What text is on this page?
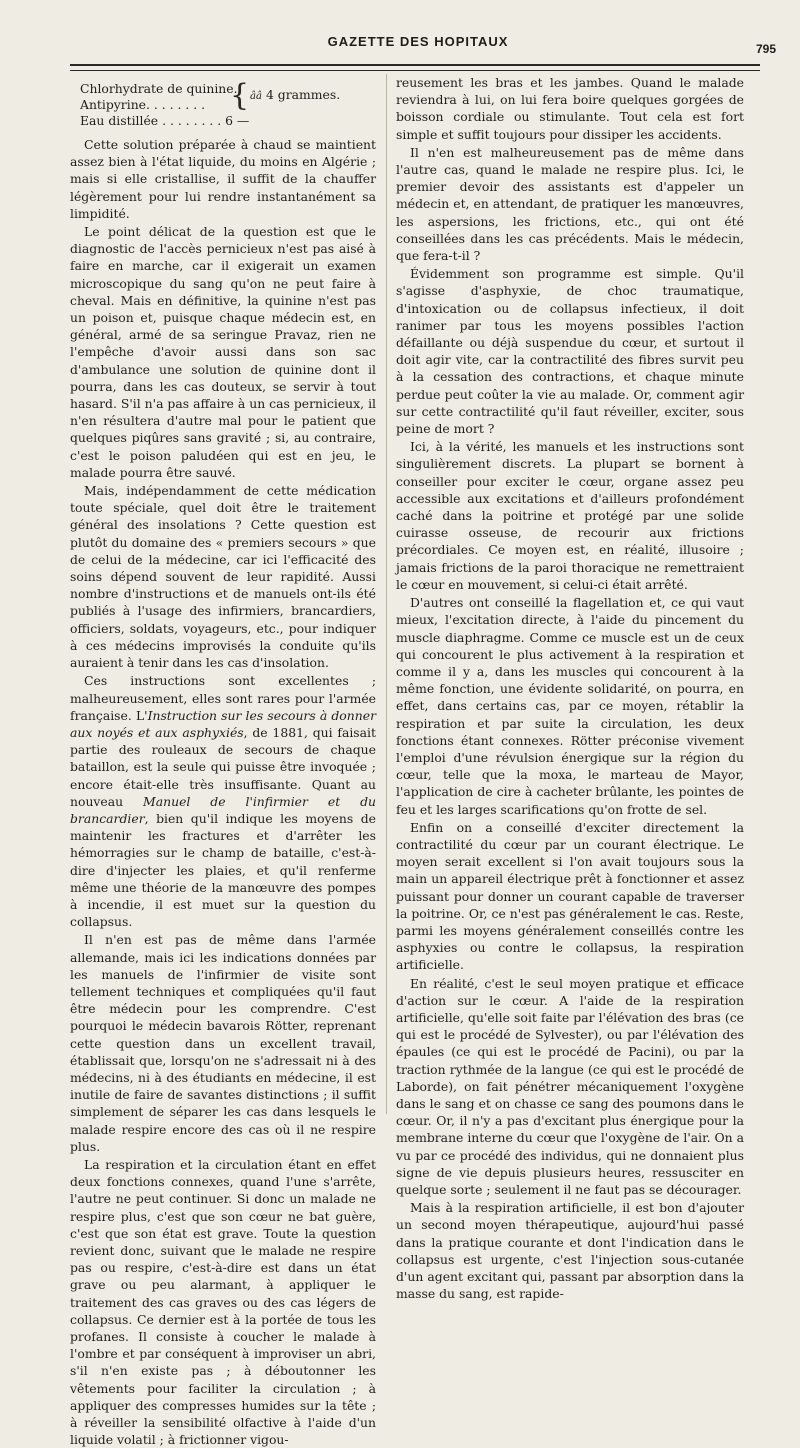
GAZETTE DES HOPITAUX	795
Chlorhydrate de quinine.
Antipyrine. . . . . . . .
Eau distillée . . . . . . . . 6 —
{ ââ 4 grammes.

Cette solution préparée à chaud se maintient assez bien à l'état liquide, du moins en Algérie ; mais si elle cristallise, il suffit de la chauffer légèrement pour lui rendre instantanément sa limpidité.

Le point délicat de la question est que le diagnostic de l'accès pernicieux n'est pas aisé à faire en marche, car il exigerait un examen microscopique du sang qu'on ne peut faire à cheval. Mais en définitive, la quinine n'est pas un poison et, puisque chaque médecin est, en général, armé de sa seringue Pravaz, rien ne l'empêche d'avoir aussi dans son sac d'ambulance une solution de quinine dont il pourra, dans les cas douteux, se servir à tout hasard. S'il n'a pas affaire à un cas pernicieux, il n'en résultera d'autre mal pour le patient que quelques piqûres sans gravité ; si, au contraire, c'est le poison paludéen qui est en jeu, le malade pourra être sauvé.

Mais, indépendamment de cette médication toute spéciale, quel doit être le traitement général des insolations ? Cette question est plutôt du domaine des « premiers secours » que de celui de la médecine, car ici l'efficacité des soins dépend souvent de leur rapidité. Aussi nombre d'instructions et de manuels ont-ils été publiés à l'usage des infirmiers, brancardiers, officiers, soldats, voyageurs, etc., pour indiquer à ces médecins improvisés la conduite qu'ils auraient à tenir dans les cas d'insolation.

Ces instructions sont excellentes ; malheureusement, elles sont rares pour l'armée française. L'Instruction sur les secours à donner aux noyés et aux asphyxiés, de 1881, qui faisait partie des rouleaux de secours de chaque bataillon, est la seule qui puisse être invoquée ; encore était-elle très insuffisante. Quant au nouveau Manuel de l'infirmier et du brancardier, bien qu'il indique les moyens de maintenir les fractures et d'arrêter les hémorragies sur le champ de bataille, c'est-à-dire d'injecter les plaies, et qu'il renferme même une théorie de la manœuvre des pompes à incendie, il est muet sur la question du collapsus.

Il n'en est pas de même dans l'armée allemande, mais ici les indications données par les manuels de l'infirmier de visite sont tellement techniques et compliquées qu'il faut être médecin pour les comprendre. C'est pourquoi le médecin bavarois Rötter, reprenant cette question dans un excellent travail, établissait que, lorsqu'on ne s'adressait ni à des médecins, ni à des étudiants en médecine, il est inutile de faire de savantes distinctions ; il suffit simplement de séparer les cas dans lesquels le malade respire encore des cas où il ne respire plus.

La respiration et la circulation étant en effet deux fonctions connexes, quand l'une s'arrête, l'autre ne peut continuer. Si donc un malade ne respire plus, c'est que son cœur ne bat guère, c'est que son état est grave. Toute la question revient donc, suivant que le malade ne respire pas ou respire, c'est-à-dire est dans un état grave ou peu alarmant, à appliquer le traitement des cas graves ou des cas légers de collapsus. Ce dernier est à la portée de tous les profanes. Il consiste à coucher le malade à l'ombre et par conséquent à improviser un abri, s'il n'en existe pas ; à déboutonner les vêtements pour faciliter la circulation ; à appliquer des compresses humides sur la tête ; à réveiller la sensibilité olfactive à l'aide d'un liquide volatil ; à frictionner vigou-

reusement les bras et les jambes. Quand le malade reviendra à lui, on lui fera boire quelques gorgées de boisson cordiale ou stimulante. Tout cela est fort simple et suffit toujours pour dissiper les accidents.

Il n'en est malheureusement pas de même dans l'autre cas, quand le malade ne respire plus. Ici, le premier devoir des assistants est d'appeler un médecin et, en attendant, de pratiquer les manœuvres, les aspersions, les frictions, etc., qui ont été conseillées dans les cas précédents. Mais le médecin, que fera-t-il ?

Évidemment son programme est simple. Qu'il s'agisse d'asphyxie, de choc traumatique, d'intoxication ou de collapsus infectieux, il doit ranimer par tous les moyens possibles l'action défaillante ou déjà suspendue du cœur, et surtout il doit agir vite, car la contractilité des fibres survit peu à la cessation des contractions, et chaque minute perdue peut coûter la vie au malade. Or, comment agir sur cette contractilité qu'il faut réveiller, exciter, sous peine de mort ?

Ici, à la vérité, les manuels et les instructions sont singulièrement discrets. La plupart se bornent à conseiller pour exciter le cœur, organe assez peu accessible aux excitations et d'ailleurs profondément caché dans la poitrine et protégé par une solide cuirasse osseuse, de recourir aux frictions précordiales. Ce moyen est, en réalité, illusoire ; jamais frictions de la paroi thoracique ne remettraient le cœur en mouvement, si celui-ci était arrêté.

D'autres ont conseillé la flagellation et, ce qui vaut mieux, l'excitation directe, à l'aide du pincement du muscle diaphragme. Comme ce muscle est un de ceux qui concourent le plus activement à la respiration et comme il y a, dans les muscles qui concourent à la même fonction, une évidente solidarité, on pourra, en effet, dans certains cas, par ce moyen, rétablir la respiration et par suite la circulation, les deux fonctions étant connexes. Rötter préconise vivement l'emploi d'une révulsion énergique sur la région du cœur, telle que la moxa, le marteau de Mayor, l'application de cire à cacheter brûlante, les pointes de feu et les larges scarifications qu'on frotte de sel.

Enfin on a conseillé d'exciter directement la contractilité du cœur par un courant électrique. Le moyen serait excellent si l'on avait toujours sous la main un appareil électrique prêt à fonctionner et assez puissant pour donner un courant capable de traverser la poitrine. Or, ce n'est pas généralement le cas. Reste, parmi les moyens généralement conseillés contre les asphyxies ou contre le collapsus, la respiration artificielle.

En réalité, c'est le seul moyen pratique et efficace d'action sur le cœur. A l'aide de la respiration artificielle, qu'elle soit faite par l'élévation des bras (ce qui est le procédé de Sylvester), ou par l'élévation des épaules (ce qui est le procédé de Pacini), ou par la traction rythmée de la langue (ce qui est le procédé de Laborde), on fait pénétrer mécaniquement l'oxygène dans le sang et on chasse ce sang des poumons dans le cœur. Or, il n'y a pas d'excitant plus énergique pour la membrane interne du cœur que l'oxygène de l'air. On a vu par ce procédé des individus, qui ne donnaient plus signe de vie depuis plusieurs heures, ressusciter en quelque sorte ; seulement il ne faut pas se décourager.

Mais à la respiration artificielle, il est bon d'ajouter un second moyen thérapeutique, aujourd'hui passé dans la pratique courante et dont l'indication dans le collapsus est urgente, c'est l'injection sous-cutanée d'un agent excitant qui, passant par absorption dans la masse du sang, est rapide-
